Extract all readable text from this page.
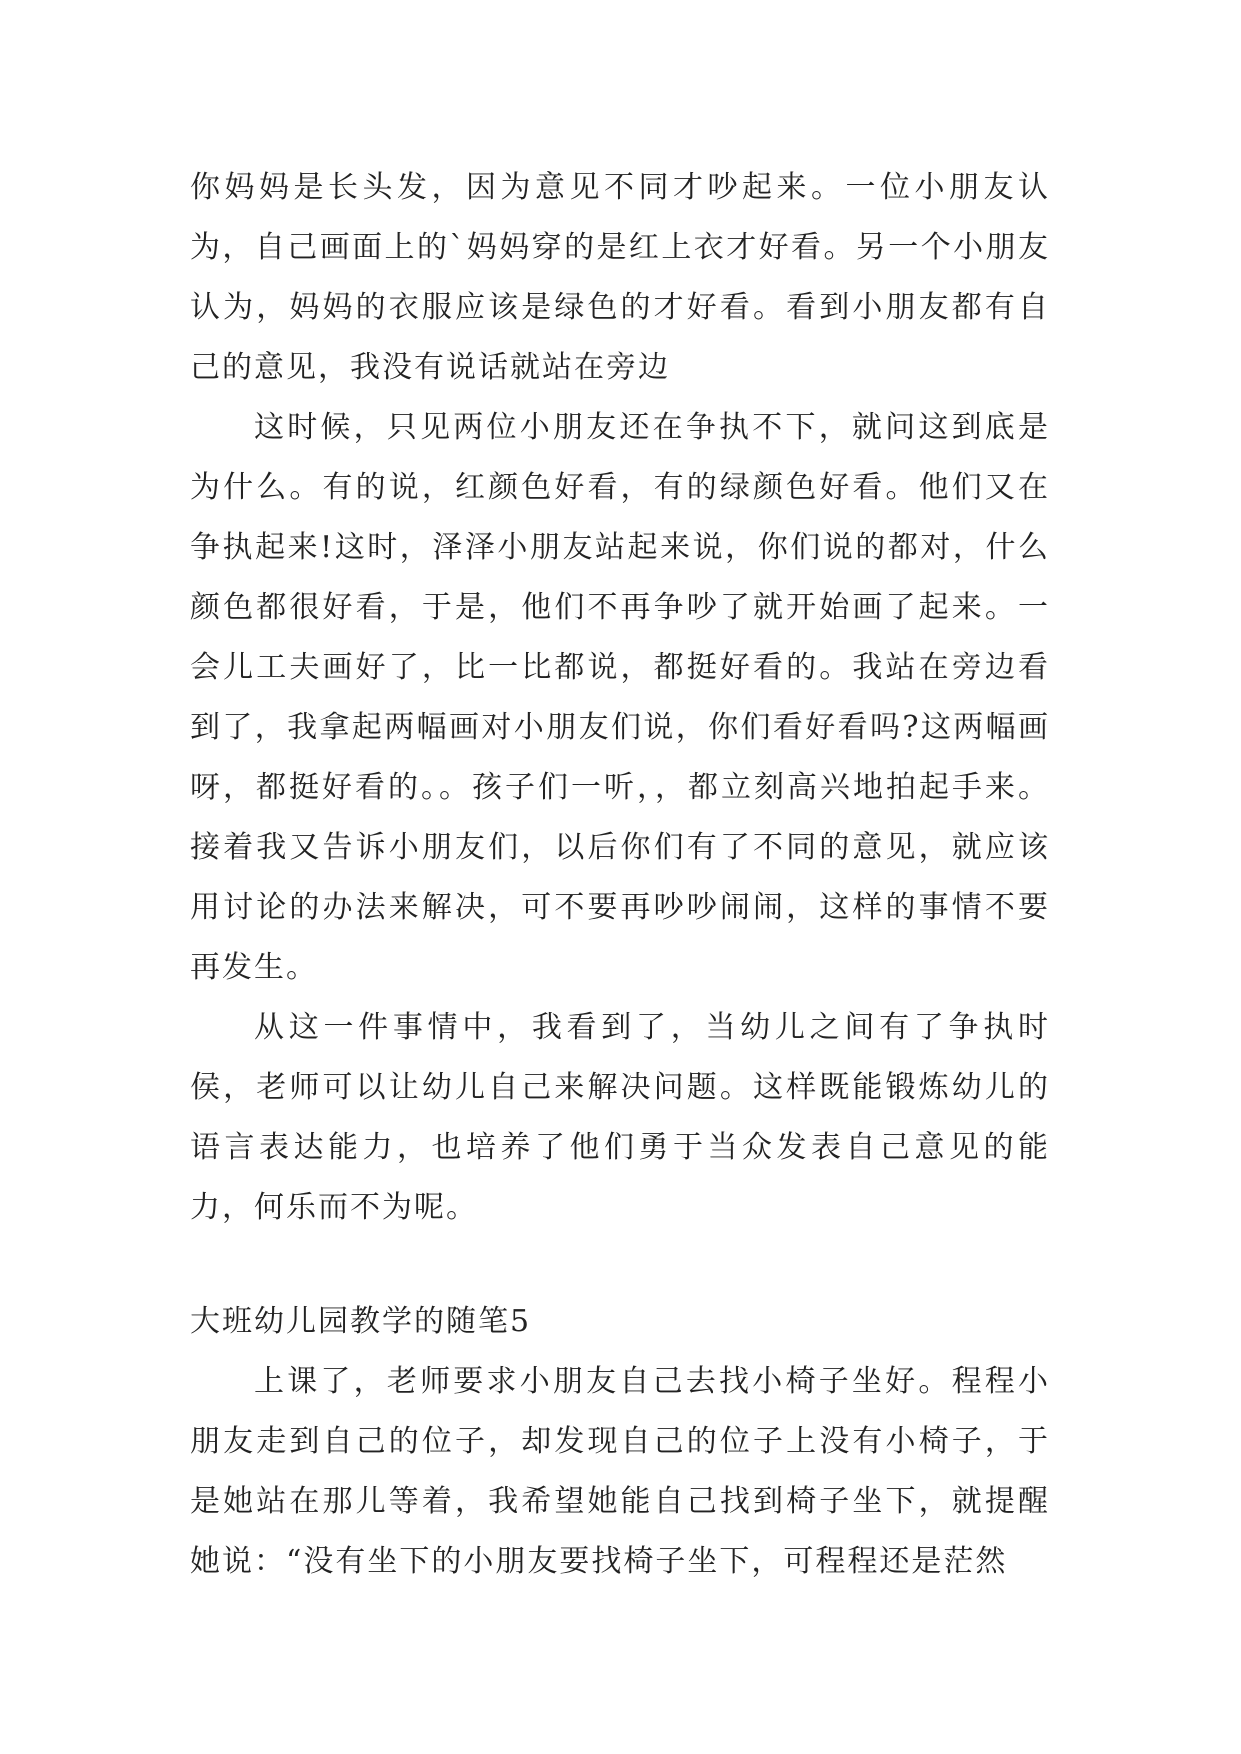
你妈妈是长头发，因为意见不同才吵起来。一位小朋友认为，自己画面上的`妈妈穿的是红上衣才好看。另一个小朋友认为，妈妈的衣服应该是绿色的才好看。看到小朋友都有自己的意见，我没有说话就站在旁边

这时候，只见两位小朋友还在争执不下，就问这到底是为什么。有的说，红颜色好看，有的绿颜色好看。他们又在争执起来!这时，泽泽小朋友站起来说，你们说的都对，什么颜色都很好看，于是，他们不再争吵了就开始画了起来。一会儿工夫画好了，比一比都说，都挺好看的。我站在旁边看到了，我拿起两幅画对小朋友们说，你们看好看吗?这两幅画呀，都挺好看的。。孩子们一听，，都立刻高兴地拍起手来。接着我又告诉小朋友们，以后你们有了不同的意见，就应该用讨论的办法来解决，可不要再吵吵闹闹，这样的事情不要再发生。

从这一件事情中，我看到了，当幼儿之间有了争执时侯，老师可以让幼儿自己来解决问题。这样既能锻炼幼儿的语言表达能力，也培养了他们勇于当众发表自己意见的能力，何乐而不为呢。

大班幼儿园教学的随笔5

上课了，老师要求小朋友自己去找小椅子坐好。程程小朋友走到自己的位子，却发现自己的位子上没有小椅子，于是她站在那儿等着，我希望她能自己找到椅子坐下，就提醒她说：“没有坐下的小朋友要找椅子坐下，可程程还是茫然
